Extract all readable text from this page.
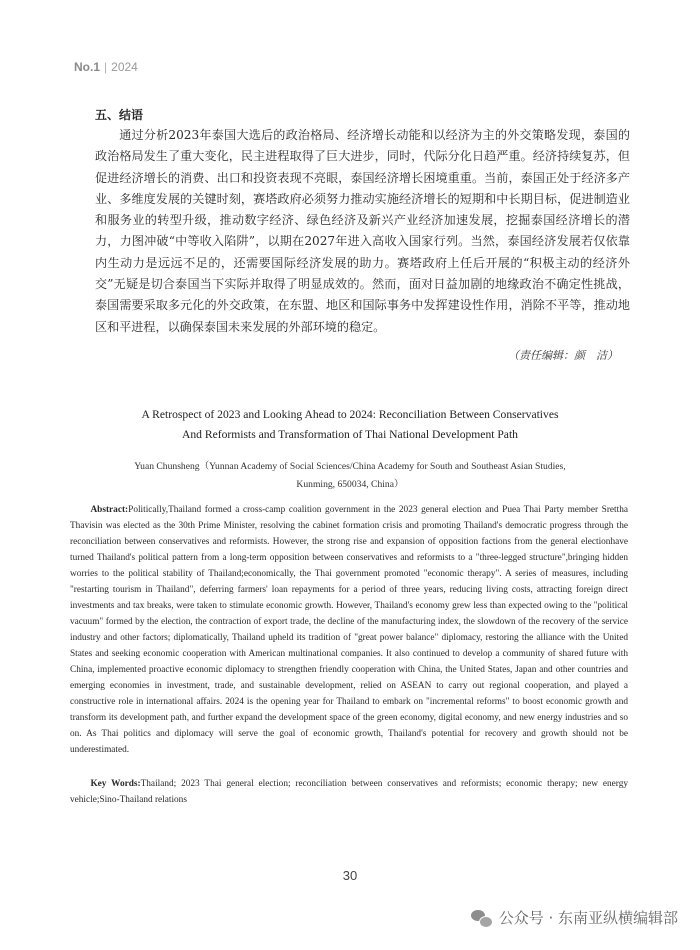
No.1 | 2024
五、结语
通过分析2023年泰国大选后的政治格局、经济增长动能和以经济为主的外交策略发现，泰国的政治格局发生了重大变化，民主进程取得了巨大进步，同时，代际分化日趋严重。经济持续复苏，但促进经济增长的消费、出口和投资表现不亮眼，泰国经济增长困境重重。当前，泰国正处于经济多产业、多维度发展的关键时刻，赛塔政府必须努力推动实施经济增长的短期和中长期目标，促进制造业和服务业的转型升级，推动数字经济、绿色经济及新兴产业经济加速发展，挖掘泰国经济增长的潜力，力图冲破“中等收入陷阱”，以期在2027年进入高收入国家行列。当然，泰国经济发展若仅依靠内生动力是远远不足的，还需要国际经济发展的助力。赛塔政府上任后开展的“积极主动的经济外交”无疑是切合泰国当下实际并取得了明显成效的。然而，面对日益加剧的地缘政治不确定性挑战，泰国需要采取多元化的外交政策，在东盟、地区和国际事务中发挥建设性作用，消除不平等，推动地区和平进程，以确保泰国未来发展的外部环境的稳定。
（责任编辑：颜　洁）
A Retrospect of 2023 and Looking Ahead to 2024: Reconciliation Between Conservatives
And Reformists and Transformation of Thai National Development Path
Yuan Chunsheng（Yunnan Academy of Social Sciences/China Academy for South and Southeast Asian Studies,
Kunming, 650034, China）
Abstract:Politically,Thailand formed a cross-camp coalition government in the 2023 general election and Puea Thai Party member Srettha Thavisin was elected as the 30th Prime Minister, resolving the cabinet formation crisis and promoting Thailand's democratic progress through the reconciliation between conservatives and reformists. However, the strong rise and expansion of opposition factions from the general electionhave turned Thailand's political pattern from a long-term opposition between conservatives and reformists to a "three-legged structure",bringing hidden worries to the political stability of Thailand;economically, the Thai government promoted "economic therapy". A series of measures, including "restarting tourism in Thailand", deferring farmers' loan repayments for a period of three years, reducing living costs, attracting foreign direct investments and tax breaks, were taken to stimulate economic growth. However, Thailand's economy grew less than expected owing to the "political vacuum" formed by the election, the contraction of export trade, the decline of the manufacturing index, the slowdown of the recovery of the service industry and other factors; diplomatically, Thailand upheld its tradition of "great power balance" diplomacy, restoring the alliance with the United States and seeking economic cooperation with American multinational companies. It also continued to develop a community of shared future with China, implemented proactive economic diplomacy to strengthen friendly cooperation with China, the United States, Japan and other countries and emerging economies in investment, trade, and sustainable development, relied on ASEAN to carry out regional cooperation, and played a constructive role in international affairs. 2024 is the opening year for Thailand to embark on "incremental reforms" to boost economic growth and transform its development path, and further expand the development space of the green economy, digital economy, and new energy industries and so on. As Thai politics and diplomacy will serve the goal of economic growth, Thailand's potential for recovery and growth should not be underestimated.
Key Words:Thailand; 2023 Thai general election; reconciliation between conservatives and reformists; economic therapy; new energy vehicle;Sino-Thailand relations
30
公众号 · 东南亚纵横编辑部
